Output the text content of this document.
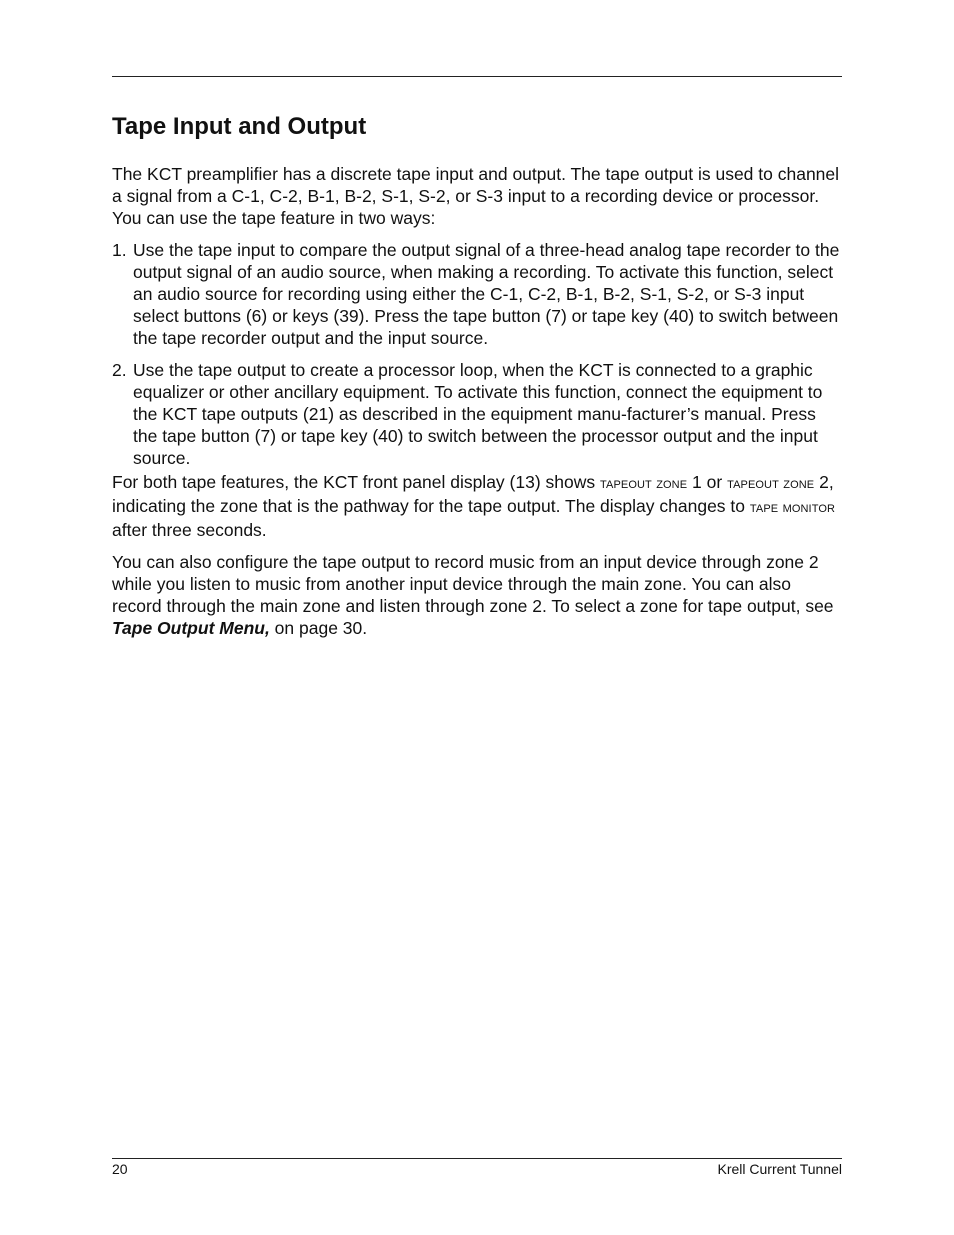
Tape Input and Output

The KCT preamplifier has a discrete tape input and output. The tape output is used to channel a signal from a C-1, C-2, B-1, B-2, S-1, S-2, or S-3 input to a recording device or processor. You can use the tape feature in two ways:

1. Use the tape input to compare the output signal of a three-head analog tape recorder to the output signal of an audio source, when making a recording. To activate this function, select an audio source for recording using either the C-1, C-2, B-1, B-2, S-1, S-2, or S-3 input select buttons (6) or keys (39). Press the tape button (7) or tape key (40) to switch between the tape recorder output and the input source.
2. Use the tape output to create a processor loop, when the KCT is connected to a graphic equalizer or other ancillary equipment. To activate this function, connect the equipment to the KCT tape outputs (21) as described in the equipment manu-facturer’s manual. Press the tape button (7) or tape key (40) to switch between the processor output and the input source.

For both tape features, the KCT front panel display (13) shows tapeout zone 1 or tapeout zone 2, indicating the zone that is the pathway for the tape output. The display changes to tape monitor after three seconds.

You can also configure the tape output to record music from an input device through zone 2 while you listen to music from another input device through the main zone. You can also record through the main zone and listen through zone 2. To select a zone for tape output, see Tape Output Menu, on page 30.

20	Krell Current Tunnel
